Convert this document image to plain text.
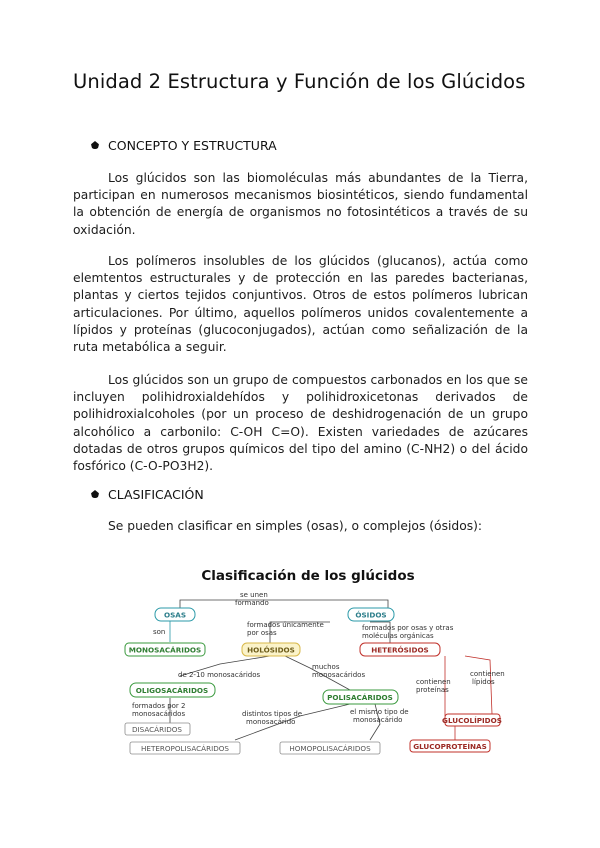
Unidad 2 Estructura y Función de los Glúcidos
CONCEPTO Y ESTRUCTURA

Los glúcidos son las biomoléculas más abundantes de la Tierra, participan en numerosos mecanismos biosintéticos, siendo fundamental la obtención de energía de organismos no fotosintéticos a través de su oxidación.

Los polímeros insolubles de los glúcidos (glucanos), actúa como elemtentos estructurales y de protección en las paredes bacterianas, plantas y ciertos tejidos conjuntivos. Otros de estos polímeros lubrican articulaciones. Por último, aquellos polímeros unidos covalentemente a lípidos y proteínas (glucoconjugados), actúan como señalización de la ruta metabólica a seguir.

Los glúcidos son un grupo de compuestos carbonados en los que se incluyen polihidroxialdehídos y polihidroxicetonas derivados de polihidroxialcoholes (por un proceso de deshidrogenación de un grupo alcohólico a carbonilo: C-OH C=O). Existen variedades de azúcares dotadas de otros grupos químicos del tipo del amino (C-NH2) o del ácido fosfórico (C-O-PO3H2).

CLASIFICACIÓN
Se pueden clasificar en simples (osas), o complejos (ósidos):
Clasificación de los glúcidos
se unen
formando
son
formados únicamente
por osas
formados por osas y otras
moléculas orgánicas
de 2-10 monosacáridos
muchos
monosacáridos
formados por 2
monosacáridos	distintos tipos de
monosacárido
el mismo tipo de
monosacárido
contienen
proteínas
contienen
lípidos
OSAS	ÓSIDOS
MONOSACÁRIDOS	HOLÓSIDOS	HETERÓSIDOS
OLIGOSACÁRIDOS
POLISACÁRIDOS
DISACÁRIDOS
HETEROPOLISACÁRIDOS	HOMOPOLISACÁRIDOS
GLUCOLÍPIDOS
GLUCOPROTEÍNAS
